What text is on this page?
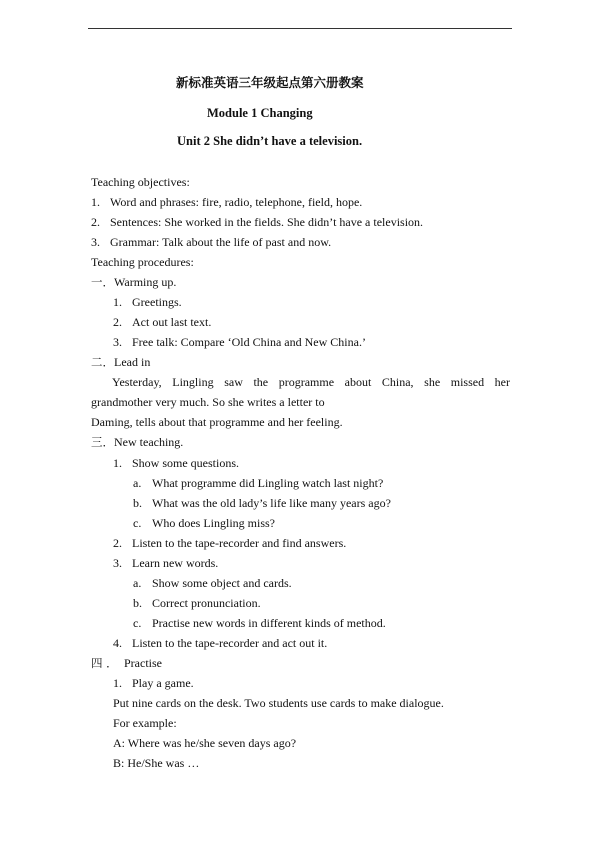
新标准英语三年级起点第六册教案
Module 1 Changing
Unit 2 She didn’t have a television.
Teaching objectives:
1. Word and phrases: fire, radio, telephone, field, hope.
2. Sentences: She worked in the fields. She didn’t have a television.
3. Grammar: Talk about the life of past and now.
Teaching procedures:
一．Warming up.
1. Greetings.
2. Act out last text.
3. Free talk: Compare ‘Old China and New China.’
二．Lead in
Yesterday, Lingling saw the programme about China, she missed her
grandmother very much. So she writes a letter to
Daming, tells about that programme and her feeling.
三．New teaching.
1. Show some questions.
a. What programme did Lingling watch last night?
b. What was the old lady’s life like many years ago?
c. Who does Lingling miss?
2. Listen to the tape-recorder and find answers.
3. Learn new words.
a. Show some object and cards.
b. Correct pronunciation.
c. Practise new words in different kinds of method.
4. Listen to the tape-recorder and act out it.
四 ． Practise
1. Play a game.
Put nine cards on the desk. Two students use cards to make dialogue.
For example:
A: Where was he/she seven days ago?
B: He/She was …
